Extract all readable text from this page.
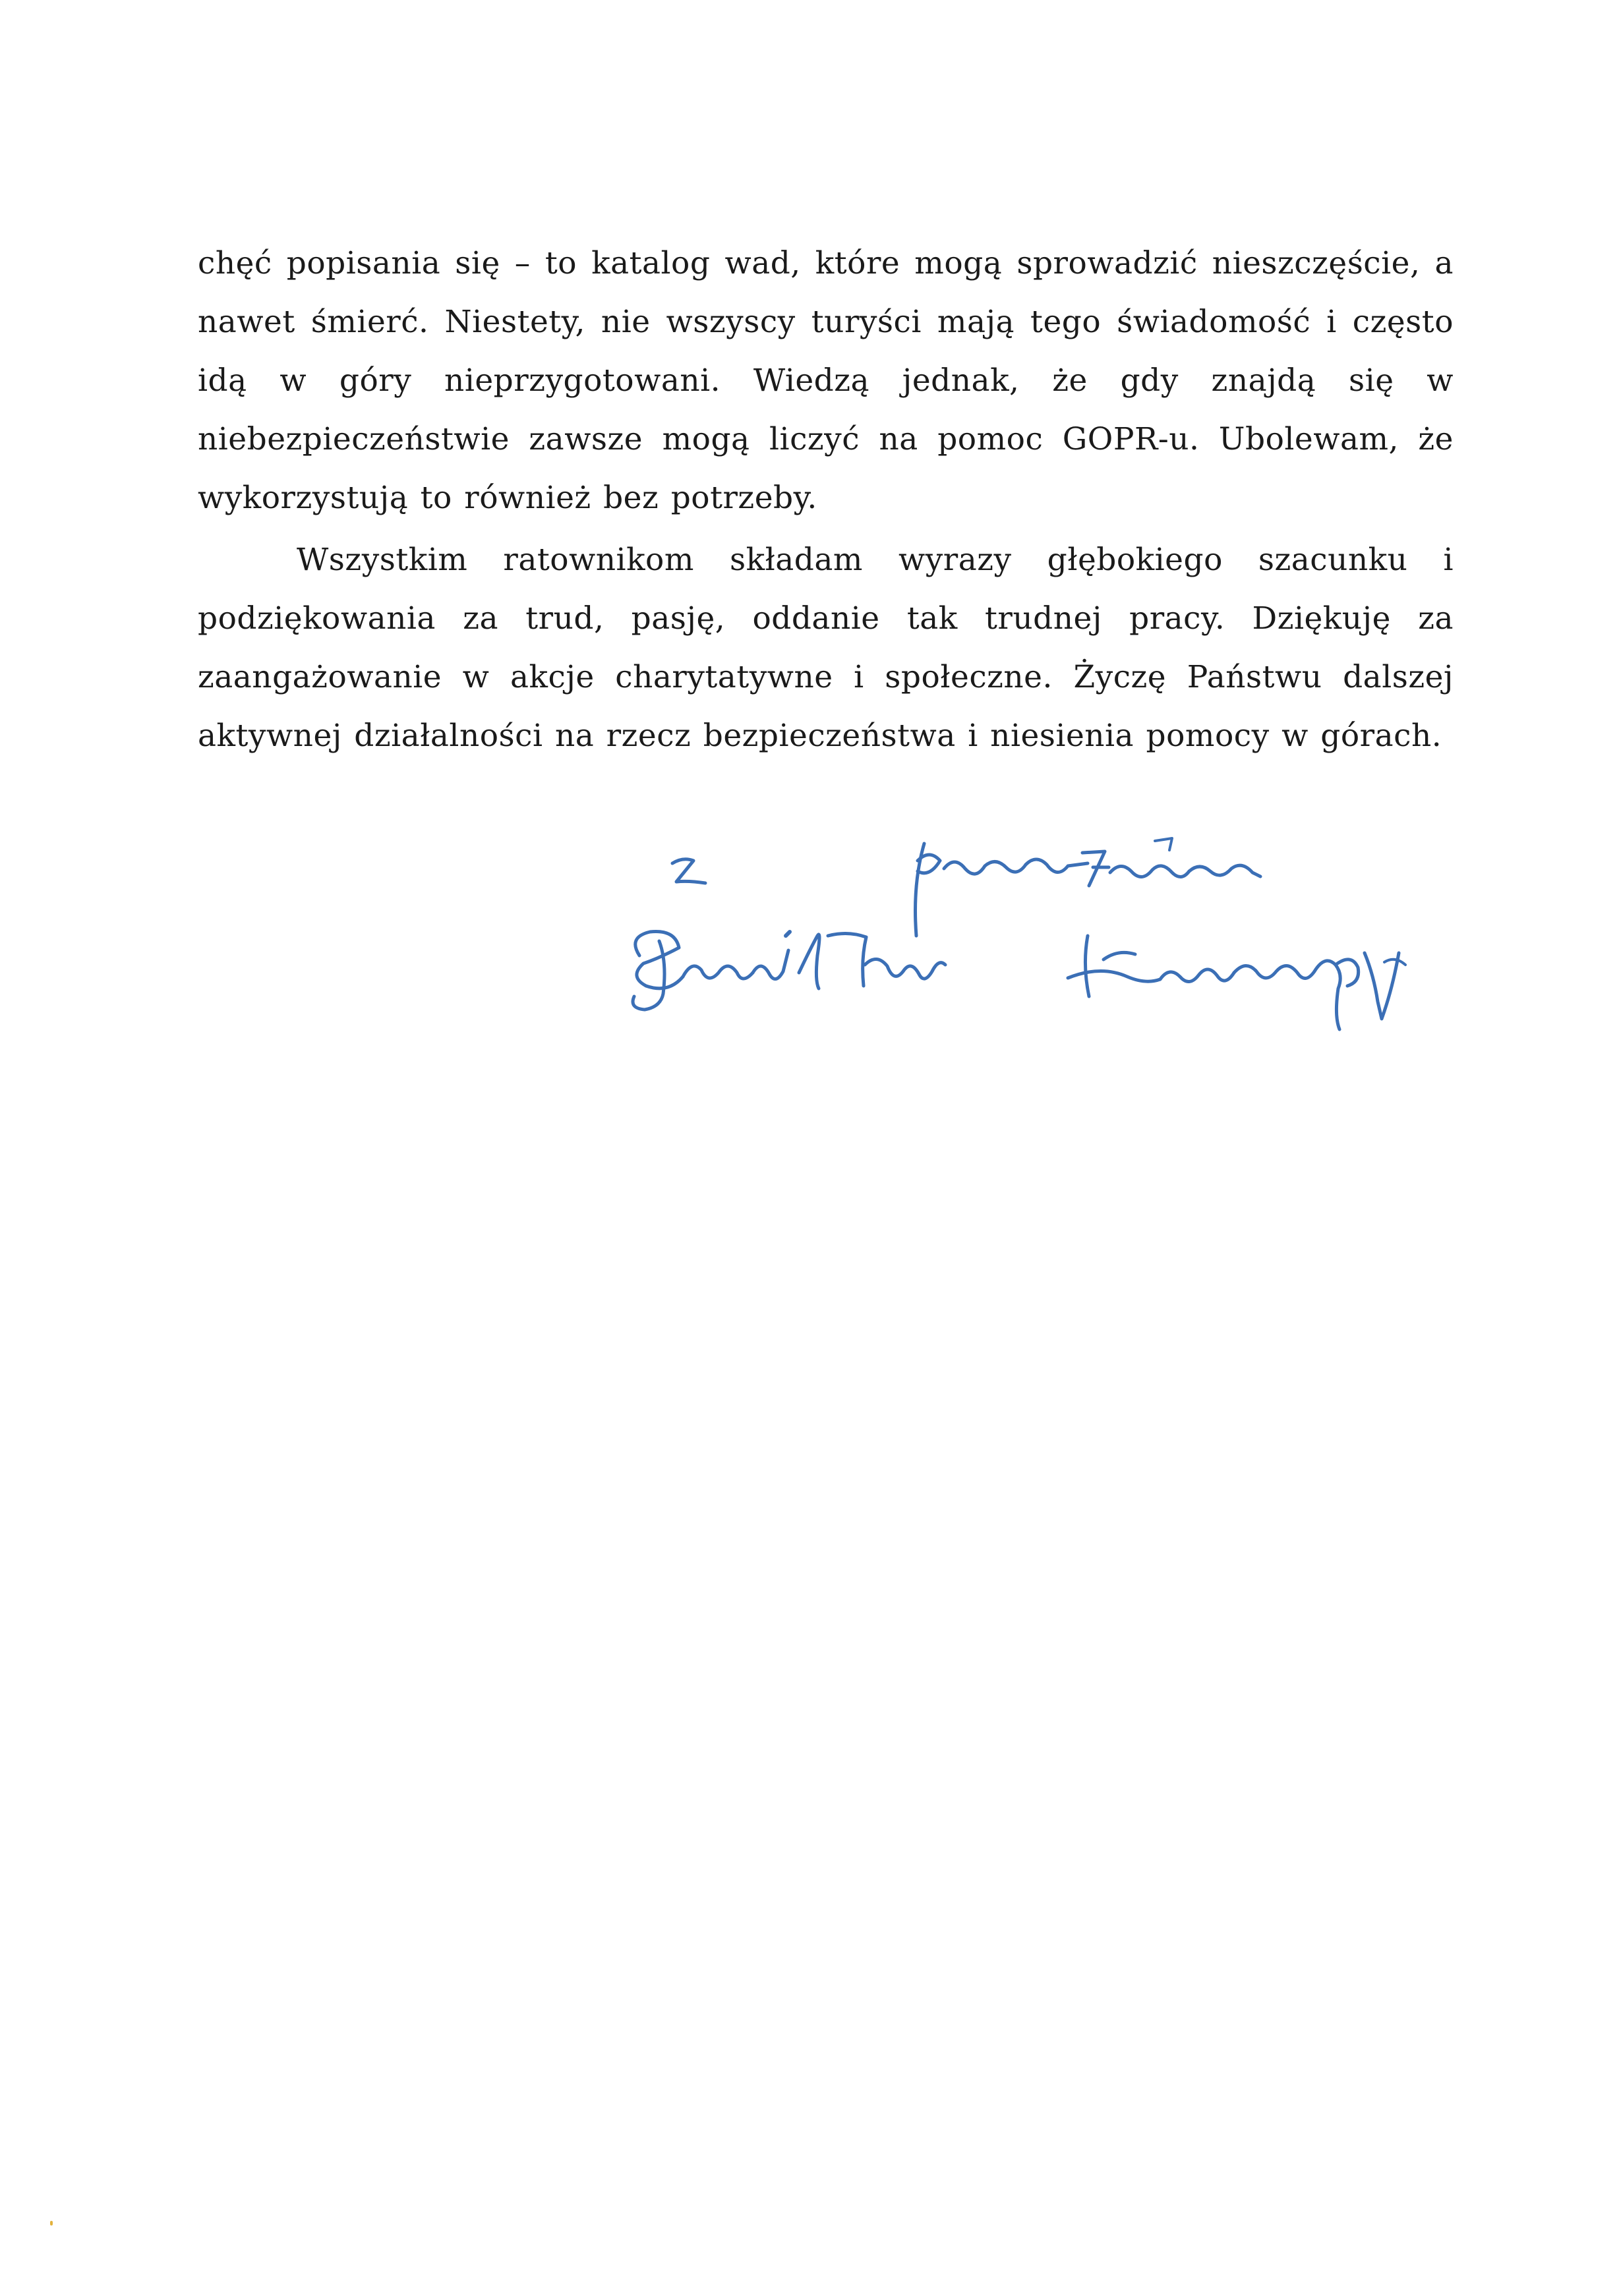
chęć popisania się – to katalog wad, które mogą sprowadzić nieszczęście, a nawet śmierć. Niestety, nie wszyscy turyści mają tego świadomość i często idą w góry nieprzygotowani. Wiedzą jednak, że gdy znajdą się w niebezpieczeństwie zawsze mogą liczyć na pomoc GOPR-u. Ubolewam, że wykorzystują to również bez potrzeby.

Wszystkim ratownikom składam wyrazy głębokiego szacunku i podziękowania za trud, pasję, oddanie tak trudnej pracy. Dziękuję za zaangażowanie w akcje charytatywne i społeczne. Życzę Państwu dalszej aktywnej działalności na rzecz bezpieczeństwa i niesienia pomocy w górach.
